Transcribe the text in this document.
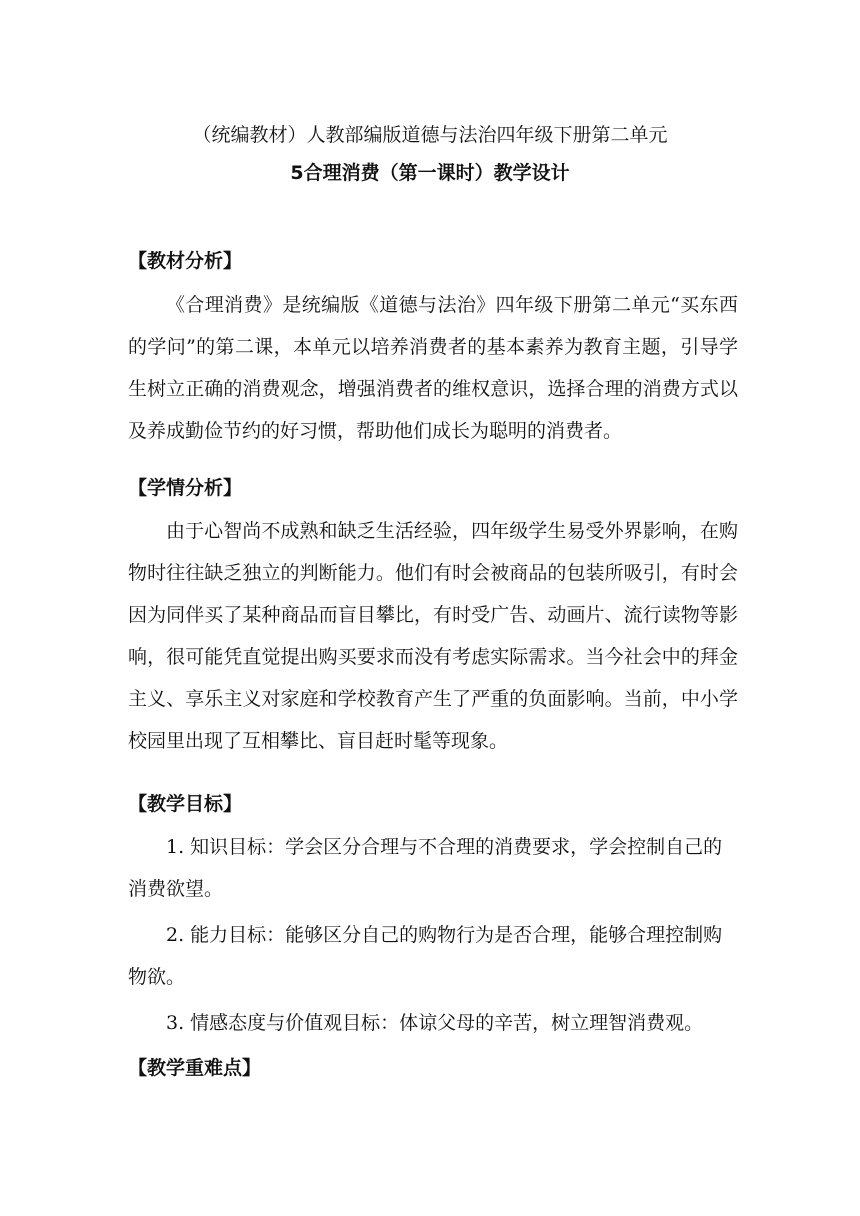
（统编教材）人教部编版道德与法治四年级下册第二单元
5合理消费（第一课时）教学设计
【教材分析】
《合理消费》是统编版《道德与法治》四年级下册第二单元“买东西的学问”的第二课，本单元以培养消费者的基本素养为教育主题，引导学生树立正确的消费观念，增强消费者的维权意识，选择合理的消费方式以及养成勤俭节约的好习惯，帮助他们成长为聪明的消费者。
【学情分析】
由于心智尚不成熟和缺乏生活经验，四年级学生易受外界影响，在购物时往往缺乏独立的判断能力。他们有时会被商品的包装所吸引，有时会因为同伴买了某种商品而盲目攀比，有时受广告、动画片、流行读物等影响，很可能凭直觉提出购买要求而没有考虑实际需求。当今社会中的拜金主义、享乐主义对家庭和学校教育产生了严重的负面影响。当前，中小学校园里出现了互相攀比、盲目赶时髦等现象。
【教学目标】
1. 知识目标：学会区分合理与不合理的消费要求，学会控制自己的消费欲望。
2. 能力目标：能够区分自己的购物行为是否合理，能够合理控制购物欲。
3. 情感态度与价值观目标：体谅父母的辛苦，树立理智消费观。
【教学重难点】
